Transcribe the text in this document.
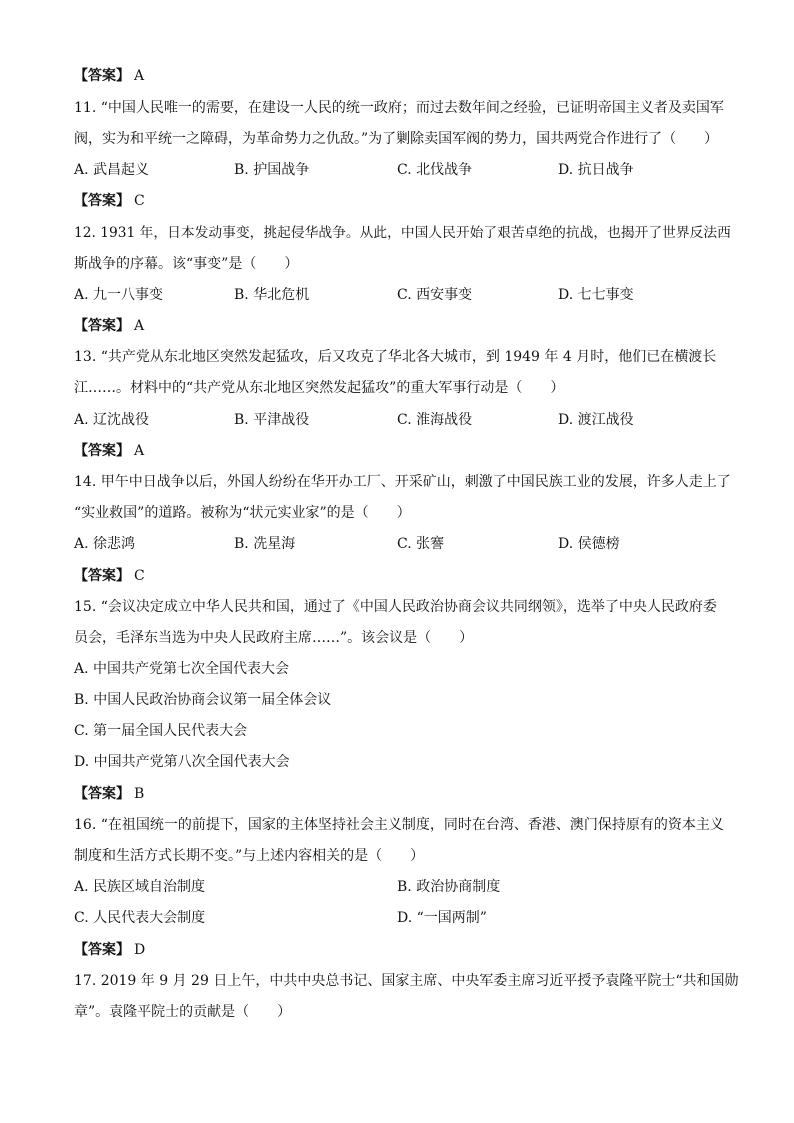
【答案】 A
11. “中国人民唯一的需要，在建设一人民的统一政府；而过去数年间之经验，已证明帝国主义者及卖国军
阀，实为和平统一之障碍，为革命势力之仇敌。”为了剿除卖国军阀的势力，国共两党合作进行了（　　）
A. 武昌起义	B. 护国战争	C. 北伐战争	D. 抗日战争
【答案】 C
12. 1931 年，日本发动事变，挑起侵华战争。从此，中国人民开始了艰苦卓绝的抗战，也揭开了世界反法西
斯战争的序幕。该“事变”是（　　）
A. 九一八事变	B. 华北危机	C. 西安事变	D. 七七事变
【答案】 A
13. “共产党从东北地区突然发起猛攻，后又攻克了华北各大城市，到 1949 年 4 月时，他们已在横渡长
江……。材料中的“共产党从东北地区突然发起猛攻”的重大军事行动是（　　）
A. 辽沈战役	B. 平津战役	C. 淮海战役	D. 渡江战役
【答案】 A
14. 甲午中日战争以后，外国人纷纷在华开办工厂、开采矿山，刺激了中国民族工业的发展，许多人走上了
“实业救国”的道路。被称为“状元实业家”的是（　　）
A. 徐悲鸿	B. 冼星海	C. 张謇	D. 侯德榜
【答案】 C
15. “会议决定成立中华人民共和国，通过了《中国人民政治协商会议共同纲领》，选举了中央人民政府委
员会，毛泽东当选为中央人民政府主席……”。该会议是（　　）
A. 中国共产党第七次全国代表大会
B. 中国人民政治协商会议第一届全体会议
C. 第一届全国人民代表大会
D. 中国共产党第八次全国代表大会
【答案】 B
16. “在祖国统一的前提下，国家的主体坚持社会主义制度，同时在台湾、香港、澳门保持原有的资本主义
制度和生活方式长期不变。”与上述内容相关的是（　　）
A. 民族区域自治制度	B. 政治协商制度
C. 人民代表大会制度	D. “一国两制”
【答案】 D
17. 2019 年 9 月 29 日上午，中共中央总书记、国家主席、中央军委主席习近平授予袁隆平院士“共和国勋
章”。袁隆平院士的贡献是（　　）
